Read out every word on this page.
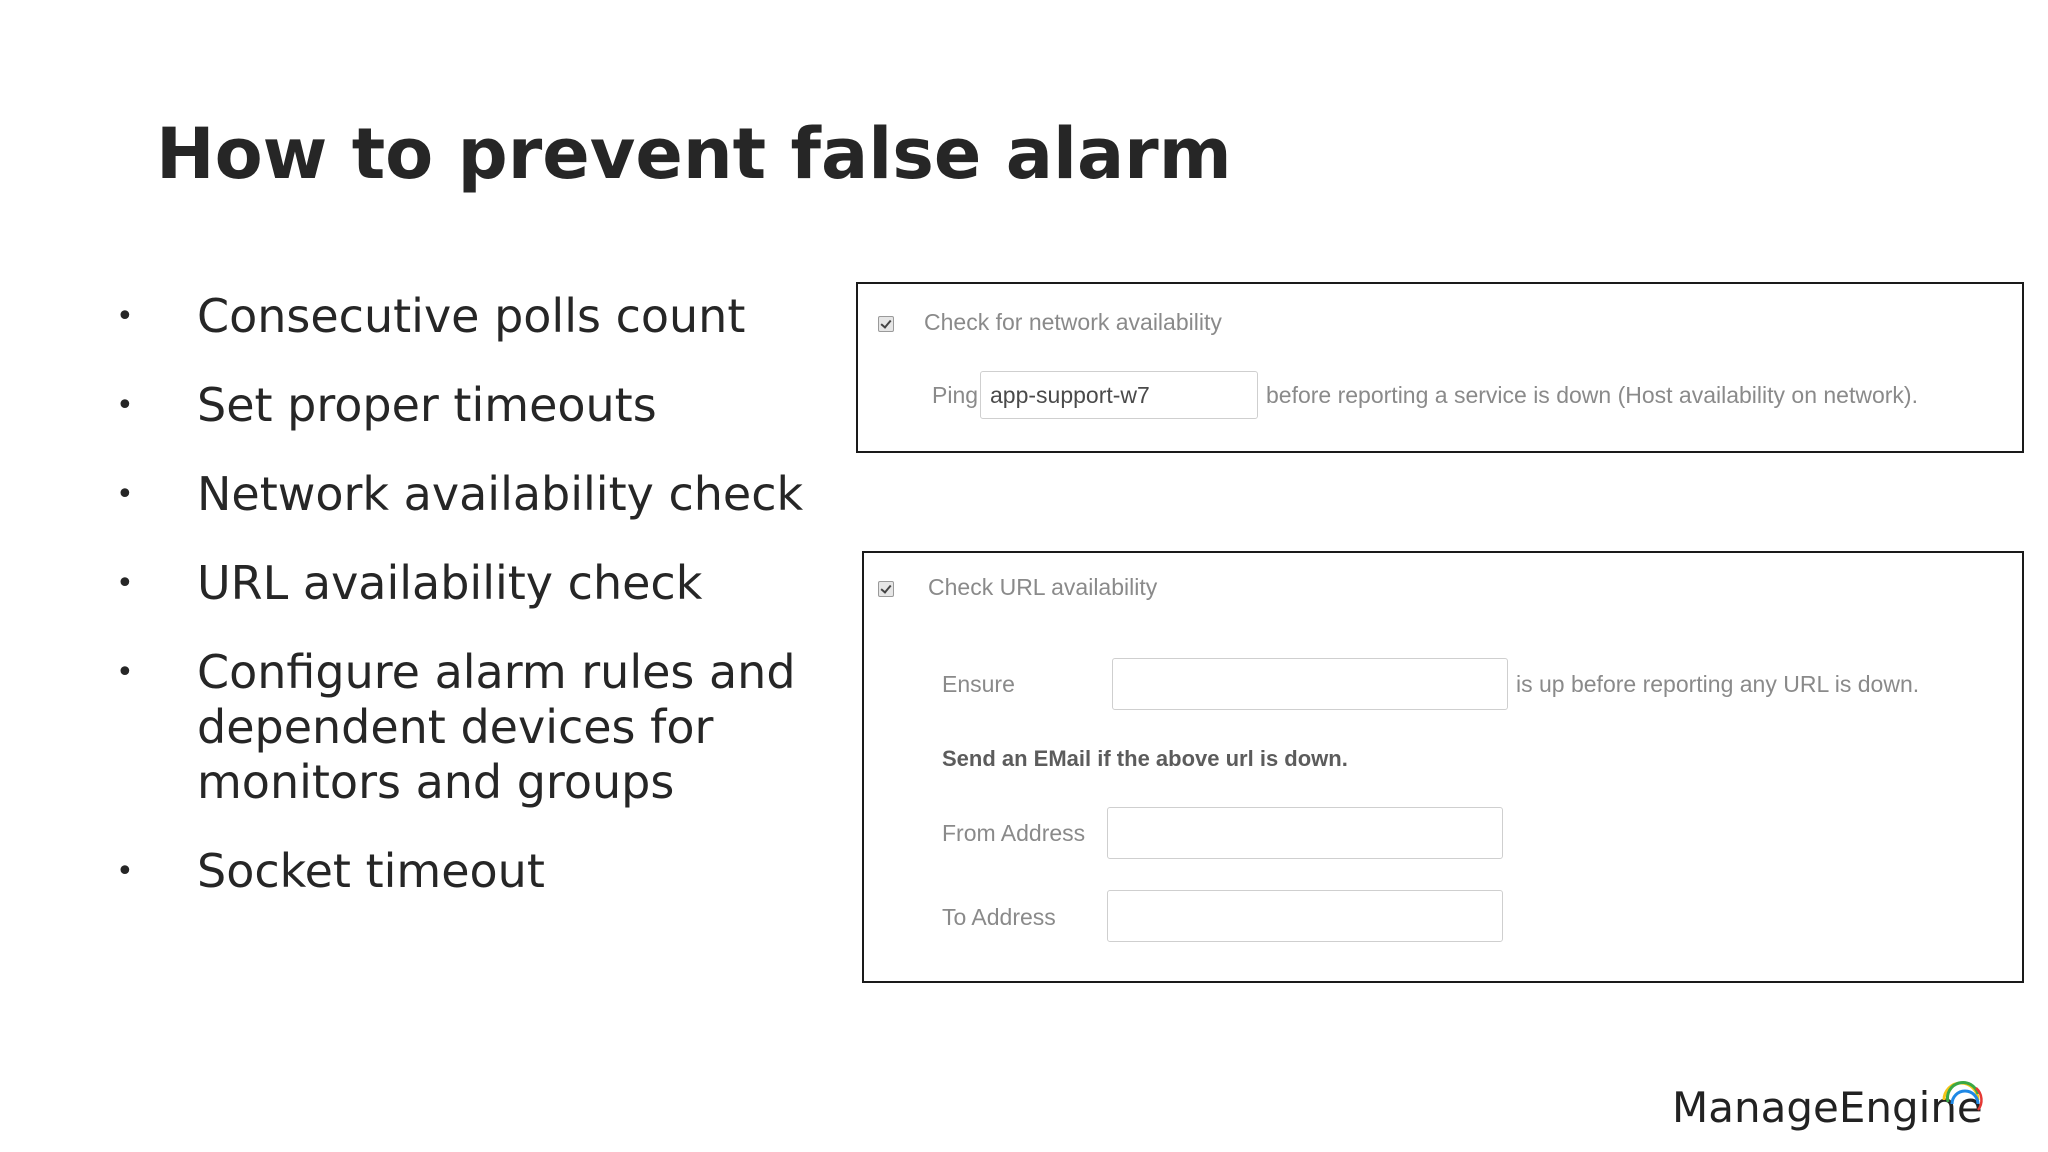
How to prevent false alarm
• Consecutive polls count
• Set proper timeouts
• Network availability check
• URL availability check
• Configure alarm rules and dependent devices for monitors and groups
• Socket timeout
Check for network availability
Ping app-support-w7	before reporting a service is down (Host availability on network).
Check URL availability
Ensure	is up before reporting any URL is down.
Send an EMail if the above url is down.
From Address
To Address
ManageEngine
